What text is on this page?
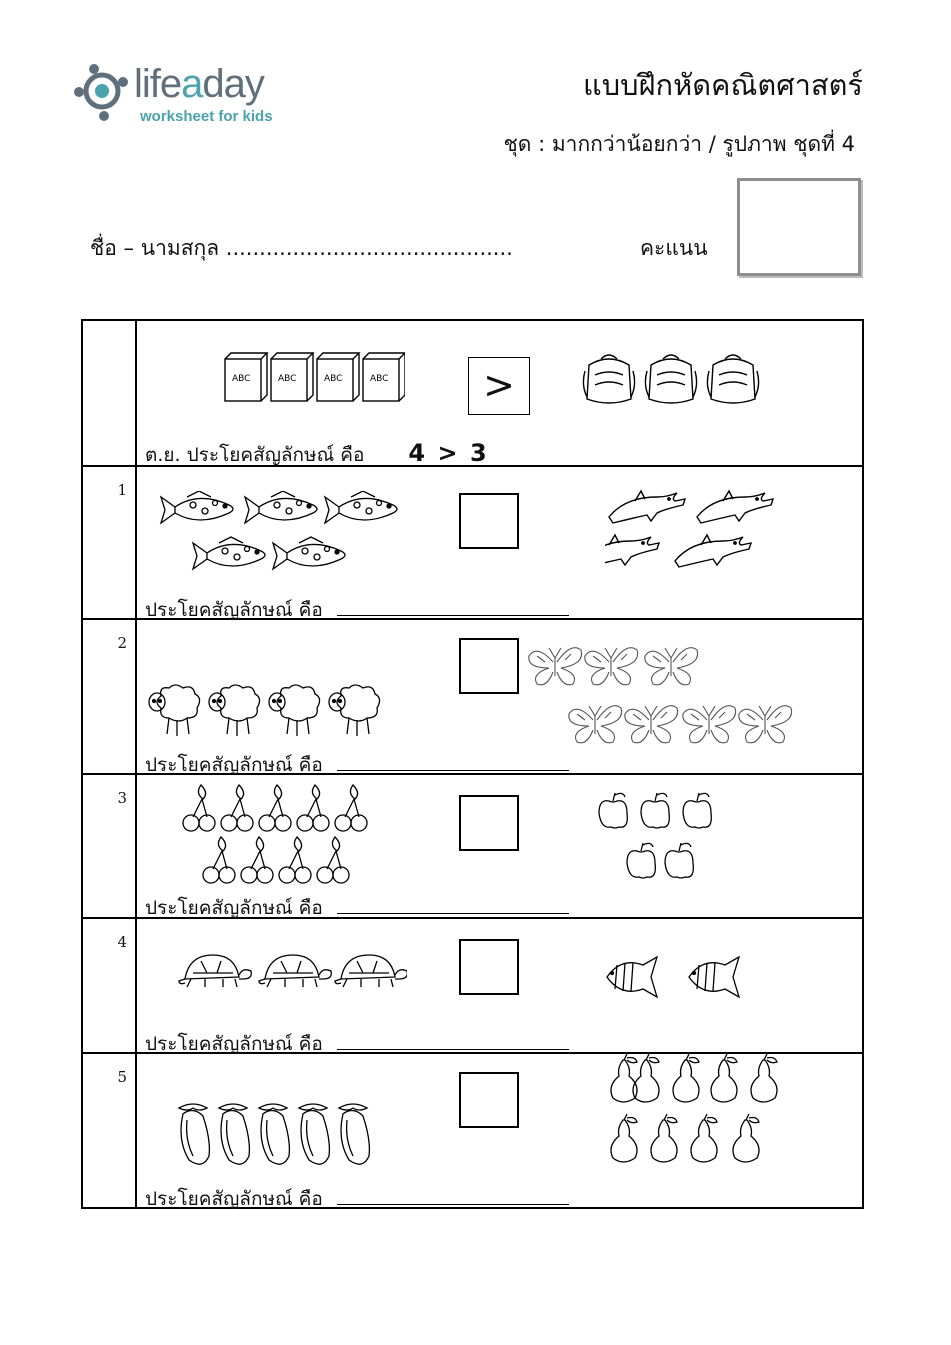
lifeaday
worksheet for kids
แบบฝึกหัดคณิตศาสตร์
ชุด : มากกว่าน้อยกว่า / รูปภาพ ชุดที่ 4
ชื่อ – นามสกุล ...........................................	คะแนน

ABC >
ต.ย. ประโยคสัญลักษณ์ คือ 4 > 3

1	ประโยคสัญลักษณ์ คือ

2	ประโยคสัญลักษณ์ คือ

3	ประโยคสัญลักษณ์ คือ

4	ประโยคสัญลักษณ์ คือ

5	ประโยคสัญลักษณ์ คือ
